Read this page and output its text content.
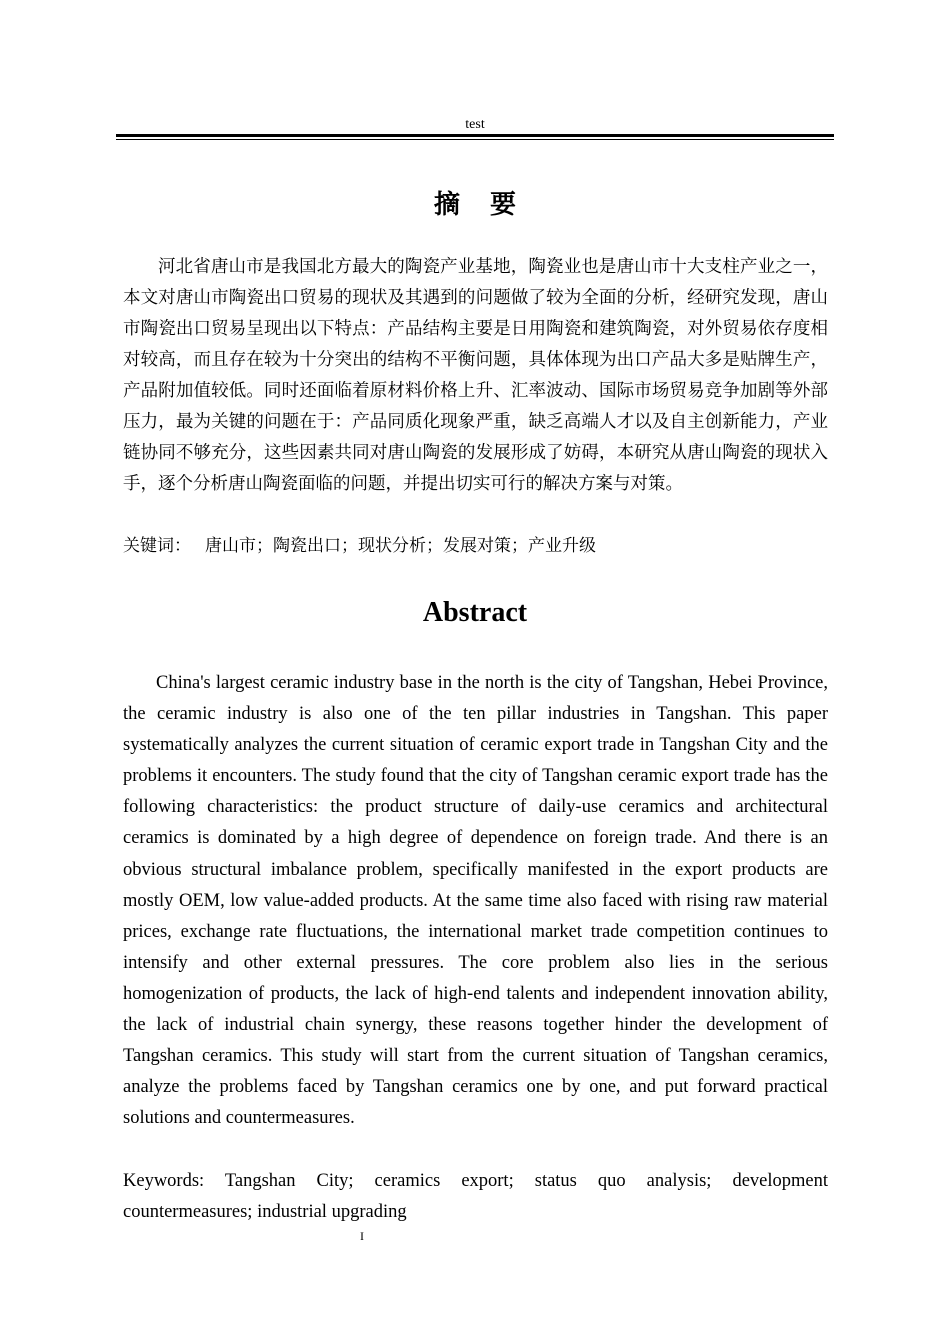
test
摘 要

河北省唐山市是我国北方最大的陶瓷产业基地，陶瓷业也是唐山市十大支柱产业之一，本文对唐山市陶瓷出口贸易的现状及其遇到的问题做了较为全面的分析，经研究发现，唐山市陶瓷出口贸易呈现出以下特点：产品结构主要是日用陶瓷和建筑陶瓷，对外贸易依存度相对较高，而且存在较为十分突出的结构不平衡问题，具体体现为出口产品大多是贴牌生产，产品附加值较低。同时还面临着原材料价格上升、汇率波动、国际市场贸易竞争加剧等外部压力，最为关键的问题在于：产品同质化现象严重，缺乏高端人才以及自主创新能力，产业链协同不够充分，这些因素共同对唐山陶瓷的发展形成了妨碍，本研究从唐山陶瓷的现状入手，逐个分析唐山陶瓷面临的问题，并提出切实可行的解决方案与对策。

关键词： 唐山市；陶瓷出口；现状分析；发展对策；产业升级

Abstract

China's largest ceramic industry base in the north is the city of Tangshan, Hebei Province, the ceramic industry is also one of the ten pillar industries in Tangshan. This paper systematically analyzes the current situation of ceramic export trade in Tangshan City and the problems it encounters. The study found that the city of Tangshan ceramic export trade has the following characteristics: the product structure of daily-use ceramics and architectural ceramics is dominated by a high degree of dependence on foreign trade. And there is an obvious structural imbalance problem, specifically manifested in the export products are mostly OEM, low value-added products. At the same time also faced with rising raw material prices, exchange rate fluctuations, the international market trade competition continues to intensify and other external pressures. The core problem also lies in the serious homogenization of products, the lack of high-end talents and independent innovation ability, the lack of industrial chain synergy, these reasons together hinder the development of Tangshan ceramics. This study will start from the current situation of Tangshan ceramics, analyze the problems faced by Tangshan ceramics one by one, and put forward practical solutions and countermeasures.

Keywords: Tangshan City; ceramics export; status quo analysis; development countermeasures; industrial upgrading

I
